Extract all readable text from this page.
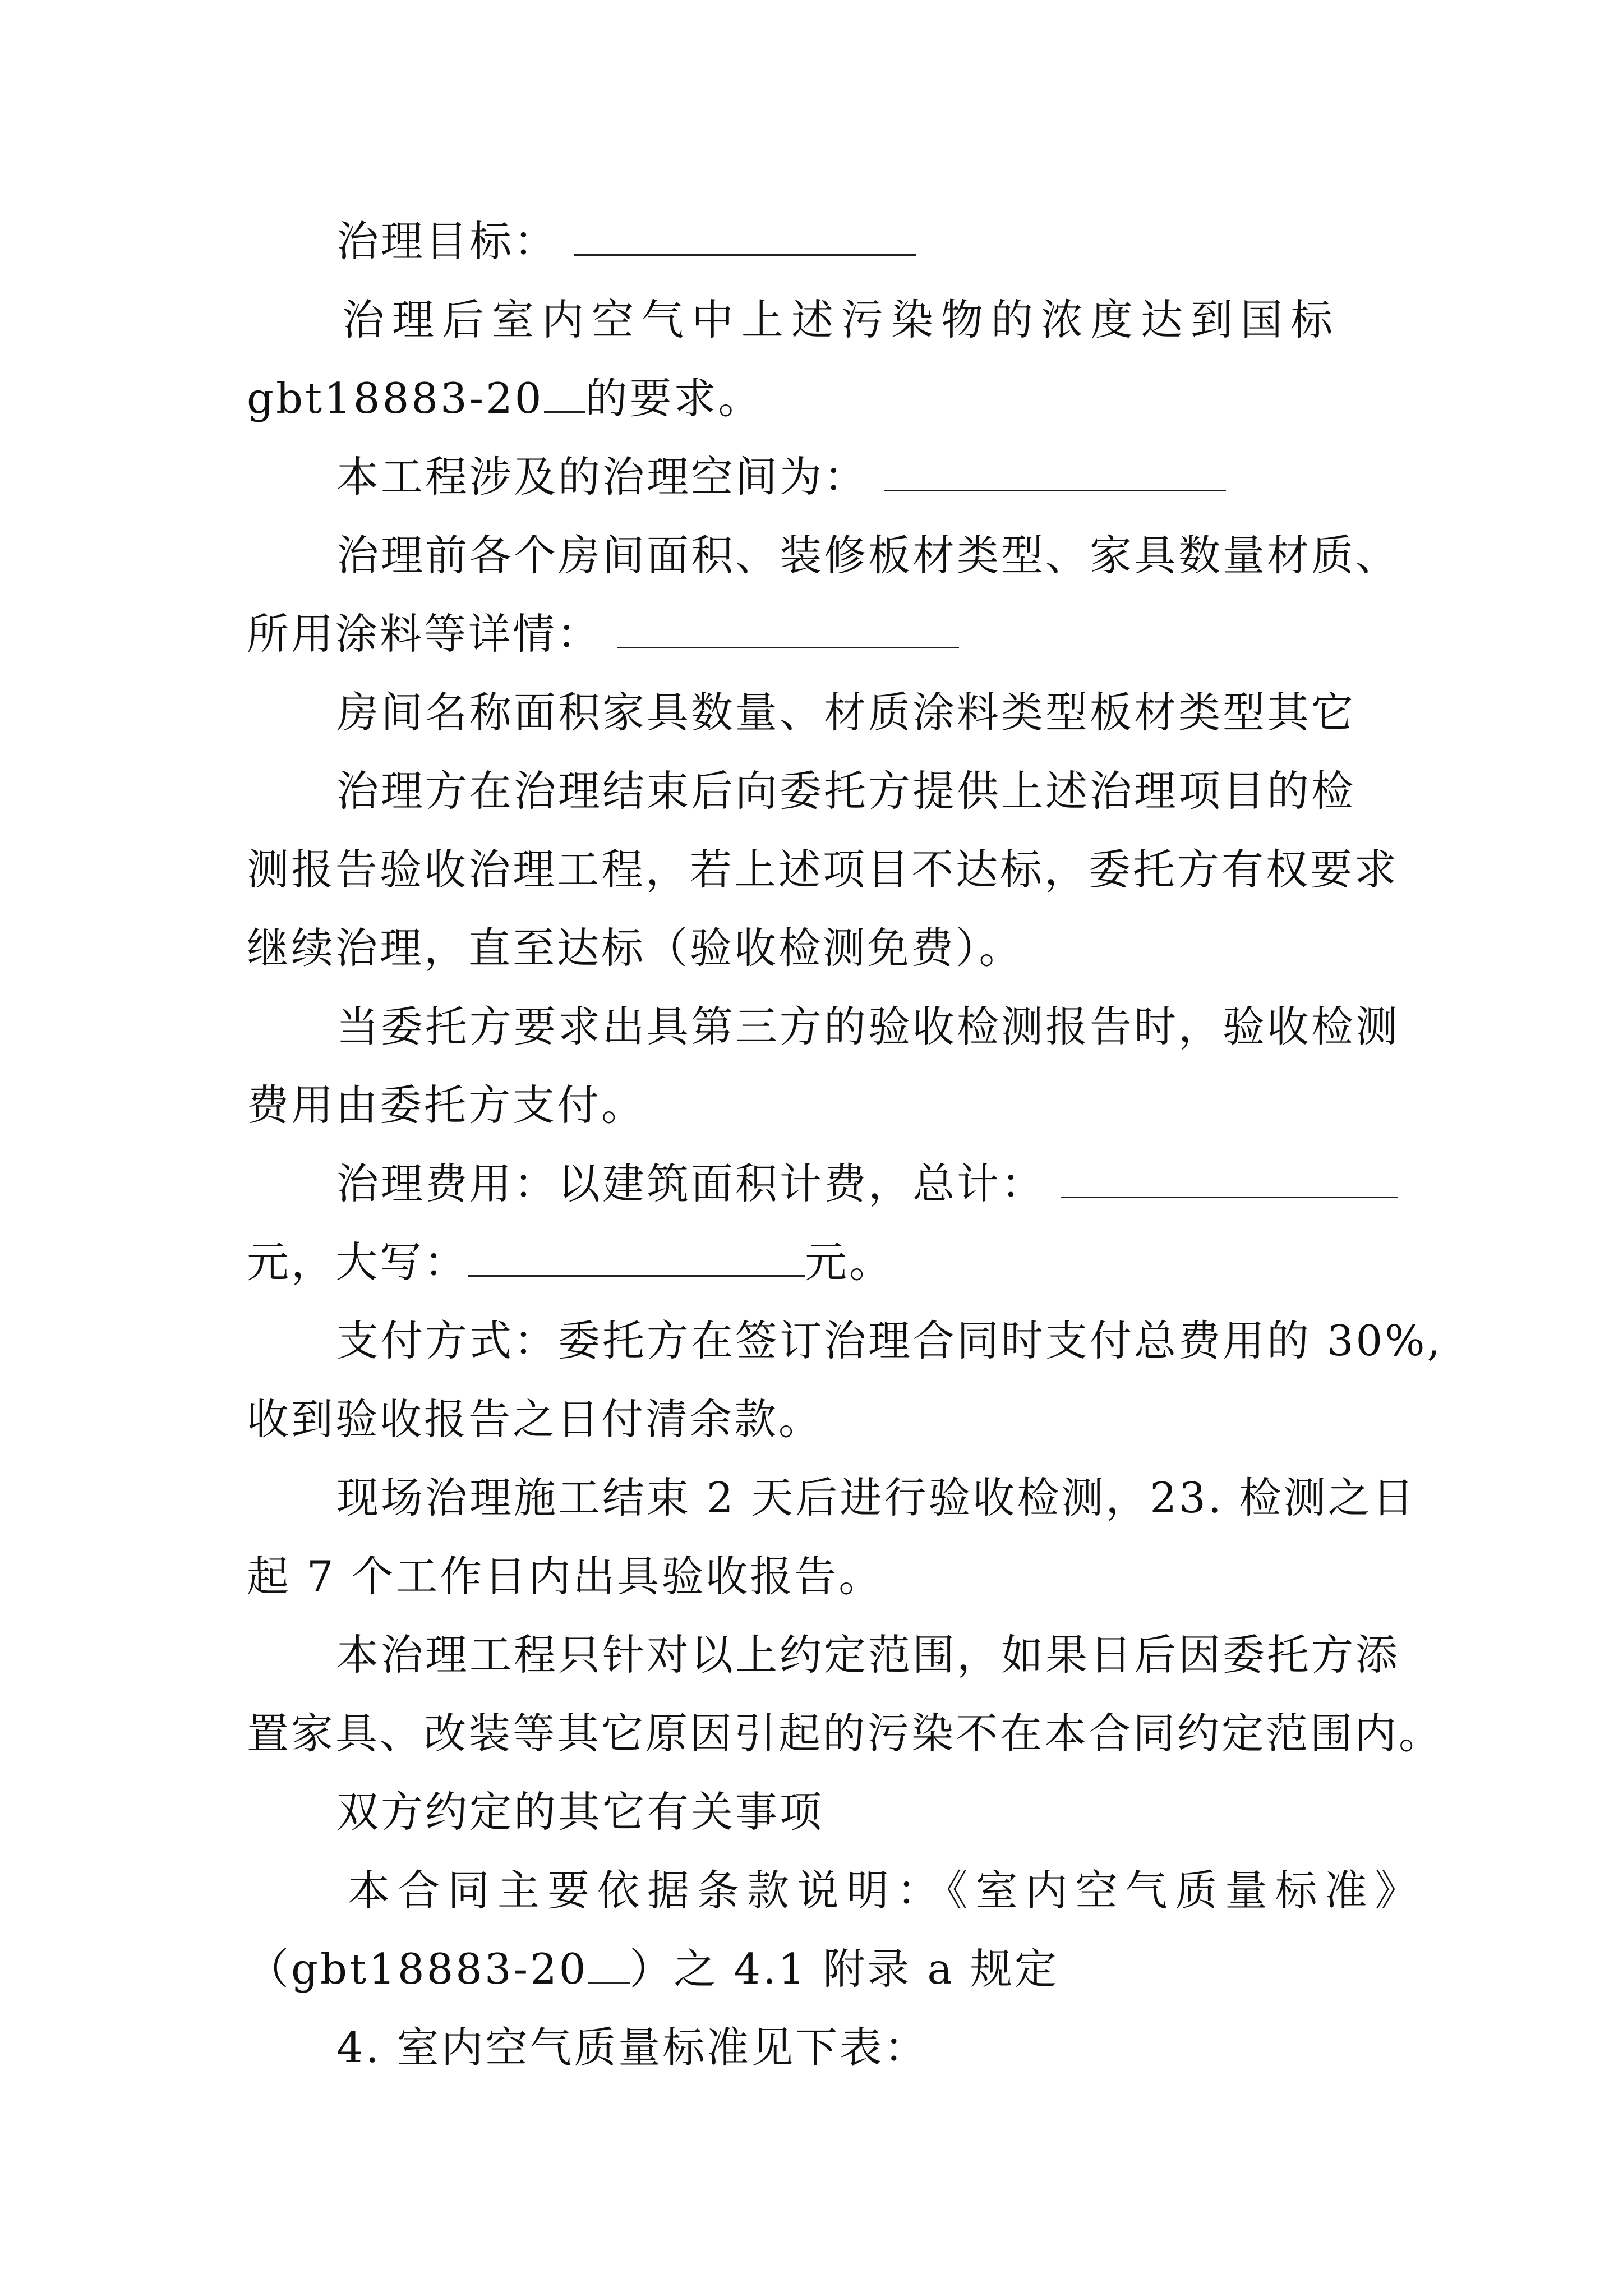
治理目标：
治理后室内空气中上述污染物的浓度达到国标
gbt18883-20 的要求。
本工程涉及的治理空间为：
治理前各个房间面积、装修板材类型、家具数量材质、
所用涂料等详情：
房间名称面积家具数量、材质涂料类型板材类型其它
治理方在治理结束后向委托方提供上述治理项目的检
测报告验收治理工程，若上述项目不达标，委托方有权要求
继续治理，直至达标（验收检测免费）。
当委托方要求出具第三方的验收检测报告时，验收检测
费用由委托方支付。
治理费用：以建筑面积计费，总计：
元，大写：	元。
支付方式：委托方在签订治理合同时支付总费用的 30%,
收到验收报告之日付清余款。
现场治理施工结束 2 天后进行验收检测，23. 检测之日
起 7 个工作日内出具验收报告。
本治理工程只针对以上约定范围，如果日后因委托方添
置家具、改装等其它原因引起的污染不在本合同约定范围内。
双方约定的其它有关事项
本合同主要依据条款说明：《室内空气质量标准》
（gbt18883-20 ）之 4.1 附录 a 规定
4. 室内空气质量标准见下表：
